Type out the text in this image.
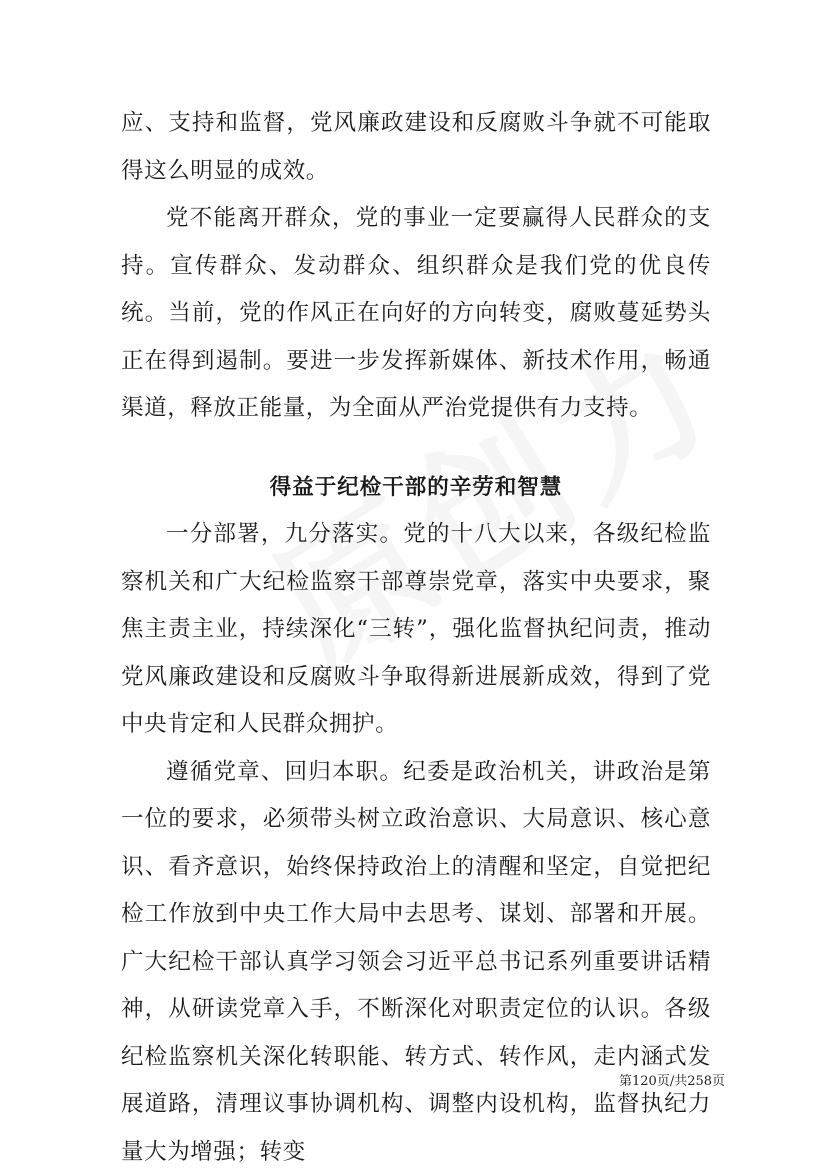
应、支持和监督，党风廉政建设和反腐败斗争就不可能取得这么明显的成效。

党不能离开群众，党的事业一定要赢得人民群众的支持。宣传群众、发动群众、组织群众是我们党的优良传统。当前，党的作风正在向好的方向转变，腐败蔓延势头正在得到遏制。要进一步发挥新媒体、新技术作用，畅通渠道，释放正能量，为全面从严治党提供有力支持。

得益于纪检干部的辛劳和智慧

一分部署，九分落实。党的十八大以来，各级纪检监察机关和广大纪检监察干部尊崇党章，落实中央要求，聚焦主责主业，持续深化“三转”，强化监督执纪问责，推动党风廉政建设和反腐败斗争取得新进展新成效，得到了党中央肯定和人民群众拥护。

遵循党章、回归本职。纪委是政治机关，讲政治是第一位的要求，必须带头树立政治意识、大局意识、核心意识、看齐意识，始终保持政治上的清醒和坚定，自觉把纪检工作放到中央工作大局中去思考、谋划、部署和开展。广大纪检干部认真学习领会习近平总书记系列重要讲话精神，从研读党章入手，不断深化对职责定位的认识。各级纪检监察机关深化转职能、转方式、转作风，走内涵式发展道路，清理议事协调机构、调整内设机构，监督执纪力量大为增强；转变

第120页/共258页
